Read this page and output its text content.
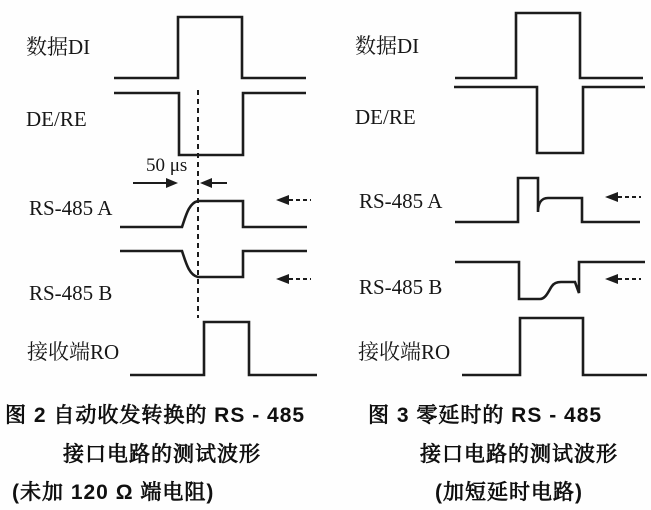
数据DI
DE/RE
RS-485 A
RS-485 B
接收端RO
50 μs
数据DI
DE/RE
RS-485 A
RS-485 B
接收端RO
图 2 自动收发转换的 RS - 485
接口电路的测试波形
(未加 120 Ω 端电阻)
图 3 零延时的 RS - 485
接口电路的测试波形
(加短延时电路)
